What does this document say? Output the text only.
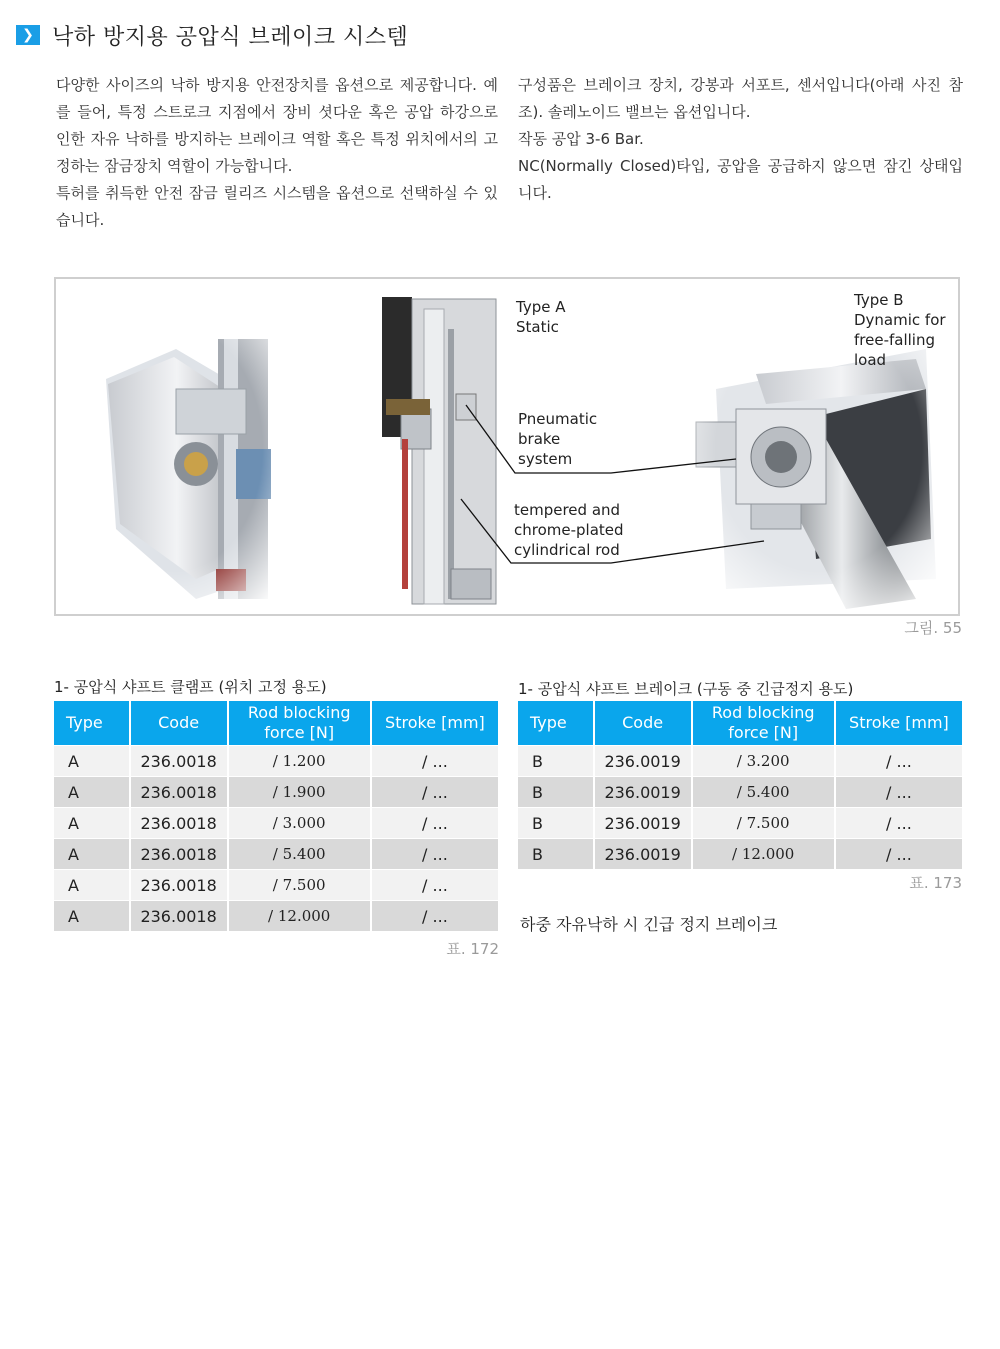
❯ 낙하 방지용 공압식 브레이크 시스템

다양한 사이즈의 낙하 방지용 안전장치를 옵션으로 제공합니다. 예를 들어, 특정 스트로크 지점에서 장비 셧다운 혹은 공압 하강으로 인한 자유 낙하를 방지하는 브레이크 역할 혹은 특정 위치에서의 고정하는 잠금장치 역할이 가능합니다.

특허를 취득한 안전 잠금 릴리즈 시스템을 옵션으로 선택하실 수 있습니다.

구성품은 브레이크 장치, 강봉과 서포트, 센서입니다(아래 사진 참조). 솔레노이드 밸브는 옵션입니다.

작동 공압 3-6 Bar.

NC(Normally Closed)타입, 공압을 공급하지 않으면 잠긴 상태입니다.

Type A
Static
Type B
Dynamic for
free-falling
load
Pneumatic
brake
system
tempered and
chrome-plated
cylindrical rod
그림. 55
1- 공압식 샤프트 클램프 (위치 고정 용도)
Type	Code	Rod blocking force [N]	Stroke [mm]
A	236.0018	/ 1.200	/ ...
A	236.0018	/ 1.900	/ ...
A	236.0018	/ 3.000	/ ...
A	236.0018	/ 5.400	/ ...
A	236.0018	/ 7.500	/ ...
A	236.0018	/ 12.000	/ ...
표. 172
1- 공압식 샤프트 브레이크 (구동 중 긴급정지 용도)
Type	Code	Rod blocking force [N]	Stroke [mm]
B	236.0019	/ 3.200	/ ...
B	236.0019	/ 5.400	/ ...
B	236.0019	/ 7.500	/ ...
B	236.0019	/ 12.000	/ ...
표. 173
하중 자유낙하 시 긴급 정지 브레이크
